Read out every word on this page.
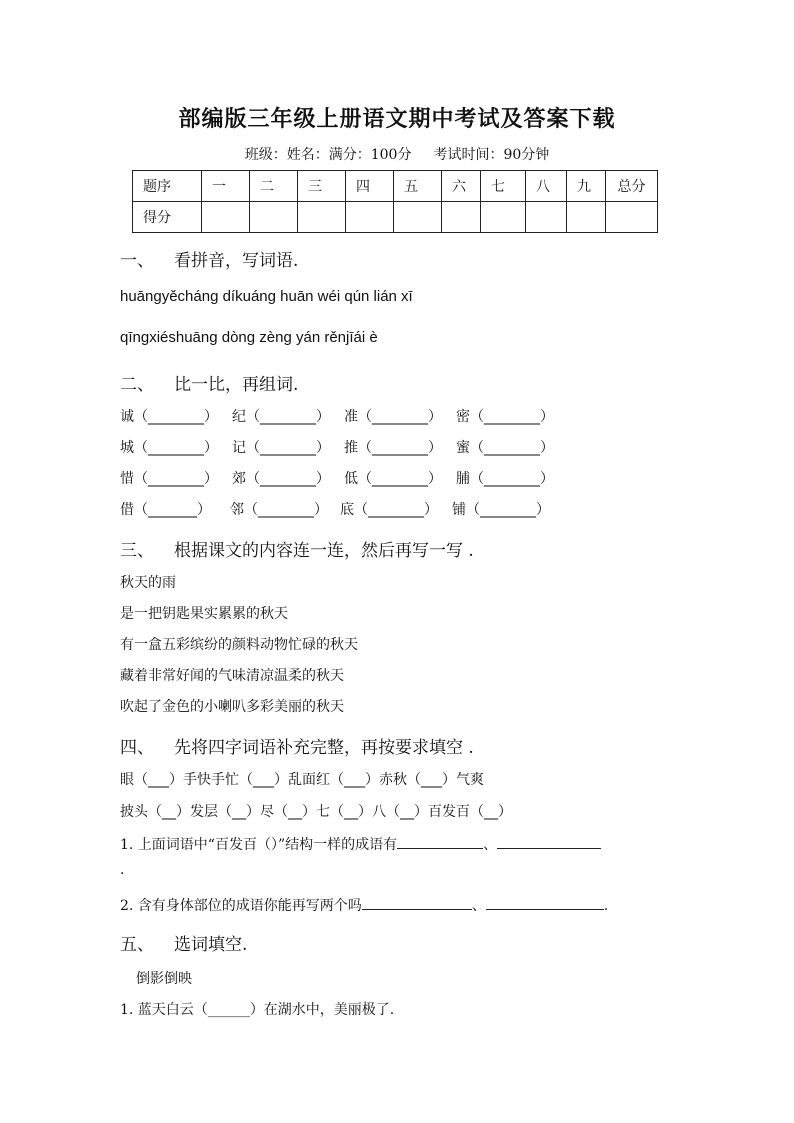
部编版三年级上册语文期中考试及答案下载
班级：姓名：满分：100分 考试时间：90分钟
题序	一	二	三	四	五	六	七	八	九	总分
得分										
一、 看拼音，写词语.
huāngyěcháng díkuáng huān wéi qún lián xī
qīngxiéshuāng dòng zèng yán rěnjīái è
二、 比一比，再组词.
诚（________） 纪（________） 准（________） 密（________）
城（________） 记（________） 推（________） 蜜（________）
惜（________） 郊（________） 低（________） 脯（________）
借（_______） 邻（________） 底（________） 铺（________）
三、 根据课文的内容连一连，然后再写一写 .
秋天的雨
是一把钥匙果实累累的秋天
有一盒五彩缤纷的颜料动物忙碌的秋天
藏着非常好闻的气味清凉温柔的秋天
吹起了金色的小喇叭多彩美丽的秋天
四、 先将四字词语补充完整，再按要求填空 .
眼（___）手快手忙（___）乱面红（___）赤秋（___）气爽
披头（__）发层（__）尽（__）七（__）八（__）百发百（__）
1. 上面词语中“百发百（）”结构一样的成语有	、
.
2. 含有身体部位的成语你能再写两个吗	、	.
五、 选词填空.
倒影倒映
1. 蓝天白云（______）在湖水中，美丽极了.
